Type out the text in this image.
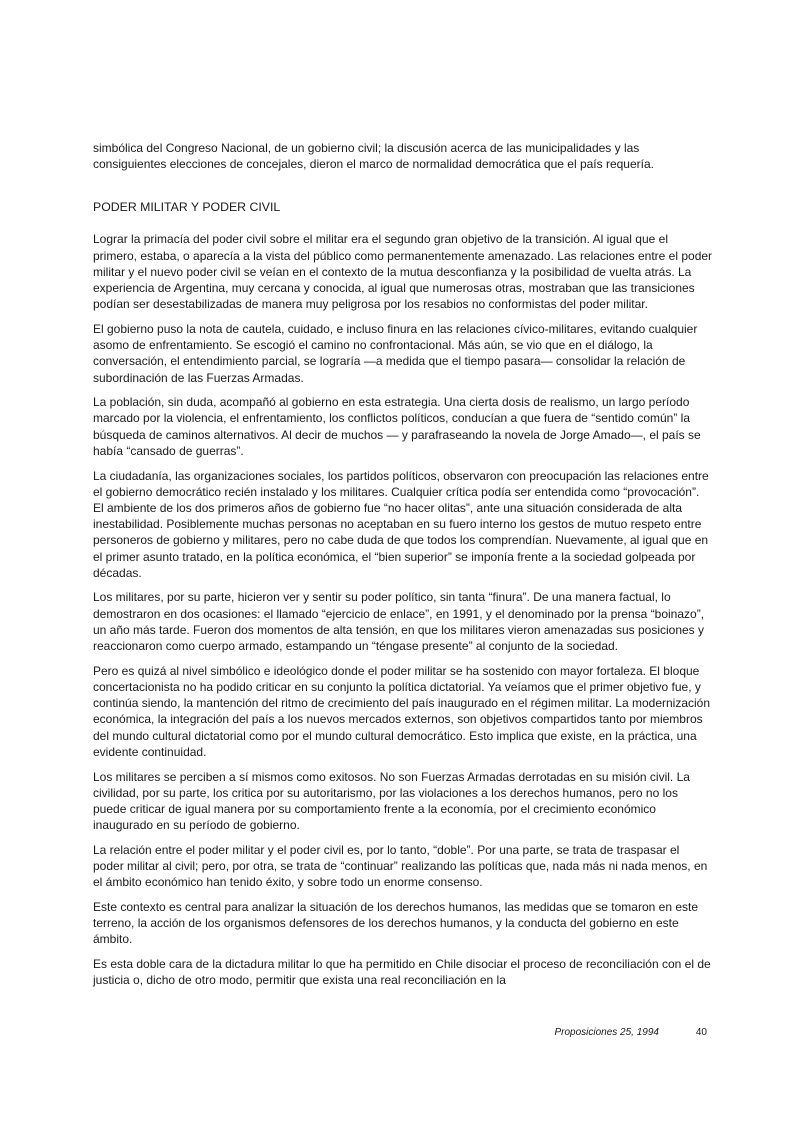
simbólica del Congreso Nacional, de un gobierno civil; la discusión acerca de las municipalidades y las consiguientes elecciones de concejales, dieron el marco de normalidad democrática que el país requería.

PODER MILITAR Y PODER CIVIL

Lograr la primacía del poder civil sobre el militar era el segundo gran objetivo de la transición. Al igual que el primero, estaba, o aparecía a la vista del público como permanentemente amenazado. Las relaciones entre el poder militar y el nuevo poder civil se veían en el contexto de la mutua desconfianza y la posibilidad de vuelta atrás. La experiencia de Argentina, muy cercana y conocida, al igual que numerosas otras, mostraban que las transiciones podían ser desestabilizadas de manera muy peligrosa por los resabios no conformistas del poder militar.

El gobierno puso la nota de cautela, cuidado, e incluso finura en las relaciones cívico-militares, evitando cualquier asomo de enfrentamiento. Se escogió el camino no confrontacional. Más aún, se vio que en el diálogo, la conversación, el entendimiento parcial, se lograría —a medida que el tiempo pasara— consolidar la relación de subordinación de las Fuerzas Armadas.

La población, sin duda, acompañó al gobierno en esta estrategia. Una cierta dosis de realismo, un largo período marcado por la violencia, el enfrentamiento, los conflictos políticos, conducían a que fuera de “sentido común” la búsqueda de caminos alternativos. Al decir de muchos — y parafraseando la novela de Jorge Amado—, el país se había “cansado de guerras”.

La ciudadanía, las organizaciones sociales, los partidos políticos, observaron con preocupación las relaciones entre el gobierno democrático recién instalado y los militares. Cualquier crítica podía ser entendida como “provocación”. El ambiente de los dos primeros años de gobierno fue “no hacer olitas”, ante una situación considerada de alta inestabilidad. Posiblemente muchas personas no aceptaban en su fuero interno los gestos de mutuo respeto entre personeros de gobierno y militares, pero no cabe duda de que todos los comprendían. Nuevamente, al igual que en el primer asunto tratado, en la política económica, el “bien superior” se imponía frente a la sociedad golpeada por décadas.

Los militares, por su parte, hicieron ver y sentir su poder político, sin tanta “finura”. De una manera factual, lo demostraron en dos ocasiones: el llamado “ejercicio de enlace”, en 1991, y el denominado por la prensa “boinazo”, un año más tarde. Fueron dos momentos de alta tensión, en que los militares vieron amenazadas sus posiciones y reaccionaron como cuerpo armado, estampando un “téngase presente” al conjunto de la sociedad.

Pero es quizá al nivel simbólico e ideológico donde el poder militar se ha sostenido con mayor fortaleza. El bloque concertacionista no ha podido criticar en su conjunto la política dictatorial. Ya veíamos que el primer objetivo fue, y continúa siendo, la mantención del ritmo de crecimiento del país inaugurado en el régimen militar. La modernización económica, la integración del país a los nuevos mercados externos, son objetivos compartidos tanto por miembros del mundo cultural dictatorial como por el mundo cultural democrático. Esto implica que existe, en la práctica, una evidente continuidad.

Los militares se perciben a sí mismos como exitosos. No son Fuerzas Armadas derrotadas en su misión civil. La civilidad, por su parte, los critica por su autoritarismo, por las violaciones a los derechos humanos, pero no los puede criticar de igual manera por su comportamiento frente a la economía, por el crecimiento económico inaugurado en su período de gobierno.

La relación entre el poder militar y el poder civil es, por lo tanto, “doble”. Por una parte, se trata de traspasar el poder militar al civil; pero, por otra, se trata de “continuar” realizando las políticas que, nada más ni nada menos, en el ámbito económico han tenido éxito, y sobre todo un enorme consenso.

Este contexto es central para analizar la situación de los derechos humanos, las medidas que se tomaron en este terreno, la acción de los organismos defensores de los derechos humanos, y la conducta del gobierno en este ámbito.

Es esta doble cara de la dictadura militar lo que ha permitido en Chile disociar el proceso de reconciliación con el de justicia o, dicho de otro modo, permitir que exista una real reconciliación en la

Proposiciones 25, 1994	40
